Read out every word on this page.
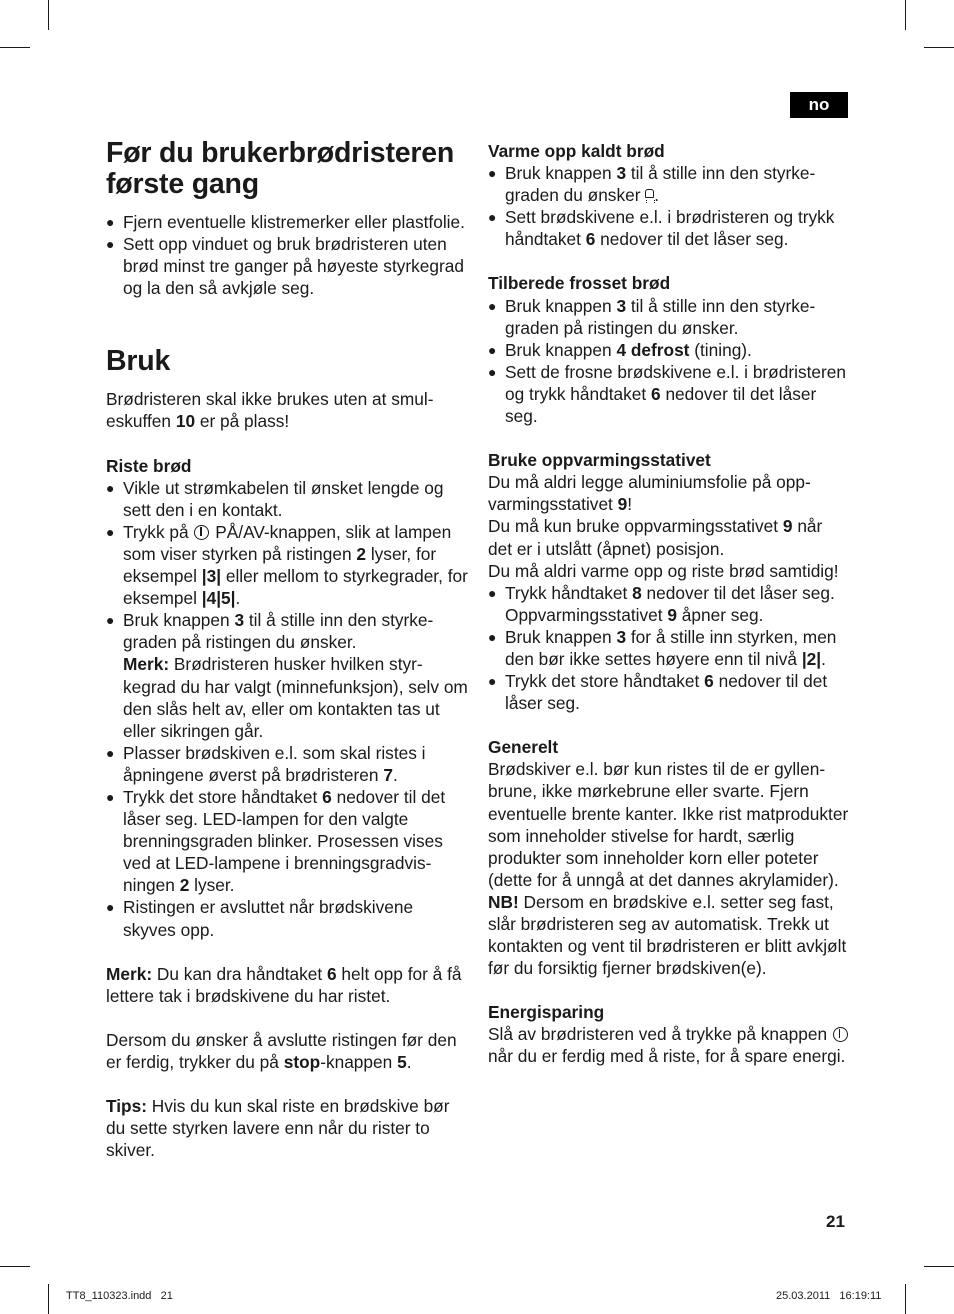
no
Før du brukerbrødristeren første gang
● Fjern eventuelle klistremerker eller plastfolie.
● Sett opp vinduet og bruk brødristeren uten brød minst tre ganger på høyeste styrkegrad og la den så avkjøle seg.
Bruk

Brødristeren skal ikke brukes uten at smuleskuffen 10 er på plass!

Riste brød
● Vikle ut strømkabelen til ønsket lengde og sett den i en kontakt.
● Trykk på  PÅ/AV-knappen, slik at lampen som viser styrken på ristingen 2 lyser, for eksempel |3| eller mellom to styrkegrader, for eksempel |4|5|.
● Bruk knappen 3 til å stille inn den styrkegraden på ristingen du ønsker.
Merk: Brødristeren husker hvilken styrkegrad du har valgt (minnefunksjon), selv om den slås helt av, eller om kontakten tas ut eller sikringen går.
● Plasser brødskiven e.l. som skal ristes i åpningene øverst på brødristeren 7.
● Trykk det store håndtaket 6 nedover til det låser seg. LED-lampen for den valgte brenningsgraden blinker. Prosessen vises ved at LED-lampene i brenningsgradvisningen 2 lyser.
● Ristingen er avsluttet når brødskivene skyves opp.

Merk: Du kan dra håndtaket 6 helt opp for å få lettere tak i brødskivene du har ristet.

Dersom du ønsker å avslutte ristingen før den er ferdig, trykker du på stop-knappen 5.

Tips: Hvis du kun skal riste en brødskive bør du sette styrken lavere enn når du rister to skiver.

Varme opp kaldt brød
● Bruk knappen 3 til å stille inn den styrkegraden du ønsker .
● Sett brødskivene e.l. i brødristeren og trykk håndtaket 6 nedover til det låser seg.
Tilberede frosset brød
● Bruk knappen 3 til å stille inn den styrkegraden på ristingen du ønsker.
● Bruk knappen 4 defrost (tining).
● Sett de frosne brødskivene e.l. i brødristeren og trykk håndtaket 6 nedover til det låser seg.
Bruke oppvarmingsstativet

Du må aldri legge aluminiumsfolie på oppvarmingsstativet 9!

Du må kun bruke oppvarmingsstativet 9 når det er i utslått (åpnet) posisjon.

Du må aldri varme opp og riste brød samtidig!

● Trykk håndtaket 8 nedover til det låser seg. Oppvarmingsstativet 9 åpner seg.
● Bruk knappen 3 for å stille inn styrken, men den bør ikke settes høyere enn til nivå |2|.
● Trykk det store håndtaket 6 nedover til det låser seg.
Generelt

Brødskiver e.l. bør kun ristes til de er gyllenbrune, ikke mørkebrune eller svarte. Fjern eventuelle brente kanter. Ikke rist matprodukter som inneholder stivelse for hardt, særlig produkter som inneholder korn eller poteter (dette for å unngå at det dannes akrylamider).

NB! Dersom en brødskive e.l. setter seg fast, slår brødristeren seg av automatisk. Trekk ut kontakten og vent til brødristeren er blitt avkjølt før du forsiktig fjerner brødskiven(e).

Energisparing

Slå av brødristeren ved å trykke på knappen  når du er ferdig med å riste, for å spare energi.

21
TT8_110323.indd   21	25.03.2011   16:19:11
